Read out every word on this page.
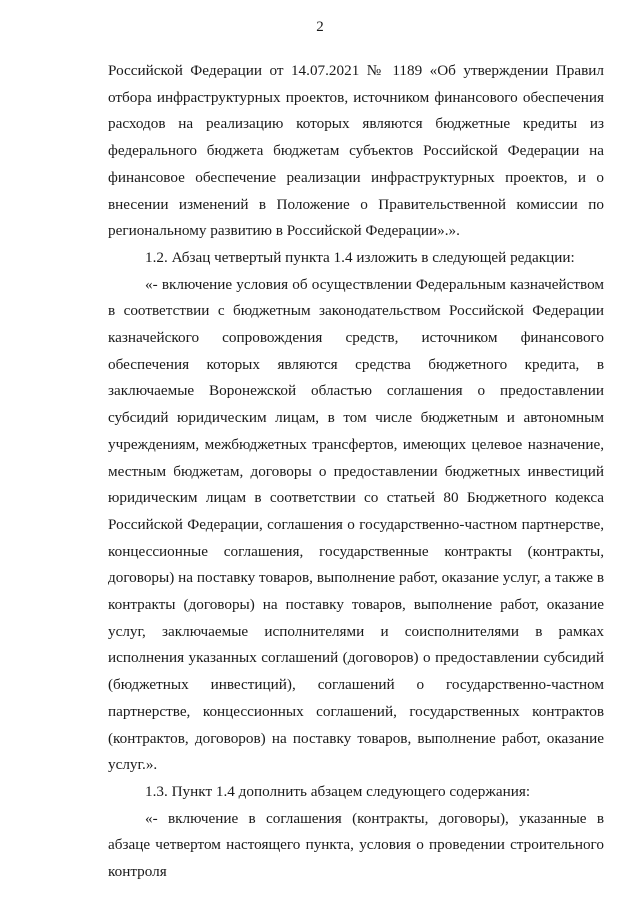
2

Российской Федерации от 14.07.2021 № 1189 «Об утверждении Правил отбора инфраструктурных проектов, источником финансового обеспечения расходов на реализацию которых являются бюджетные кредиты из федерального бюджета бюджетам субъектов Российской Федерации на финансовое обеспечение реализации инфраструктурных проектов, и о внесении изменений в Положение о Правительственной комиссии по региональному развитию в Российской Федерации».».

1.2. Абзац четвертый пункта 1.4 изложить в следующей редакции:

«- включение условия об осуществлении Федеральным казначейством в соответствии с бюджетным законодательством Российской Федерации казначейского сопровождения средств, источником финансового обеспечения которых являются средства бюджетного кредита, в заключаемые Воронежской областью соглашения о предоставлении субсидий юридическим лицам, в том числе бюджетным и автономным учреждениям, межбюджетных трансфертов, имеющих целевое назначение, местным бюджетам, договоры о предоставлении бюджетных инвестиций юридическим лицам в соответствии со статьей 80 Бюджетного кодекса Российской Федерации, соглашения о государственно-частном партнерстве, концессионные соглашения, государственные контракты (контракты, договоры) на поставку товаров, выполнение работ, оказание услуг, а также в контракты (договоры) на поставку товаров, выполнение работ, оказание услуг, заключаемые исполнителями и соисполнителями в рамках исполнения указанных соглашений (договоров) о предоставлении субсидий (бюджетных инвестиций), соглашений о государственно-частном партнерстве, концессионных соглашений, государственных контрактов (контрактов, договоров) на поставку товаров, выполнение работ, оказание услуг.».

1.3. Пункт 1.4 дополнить абзацем следующего содержания:

«- включение в соглашения (контракты, договоры), указанные в абзаце четвертом настоящего пункта, условия о проведении строительного контроля
